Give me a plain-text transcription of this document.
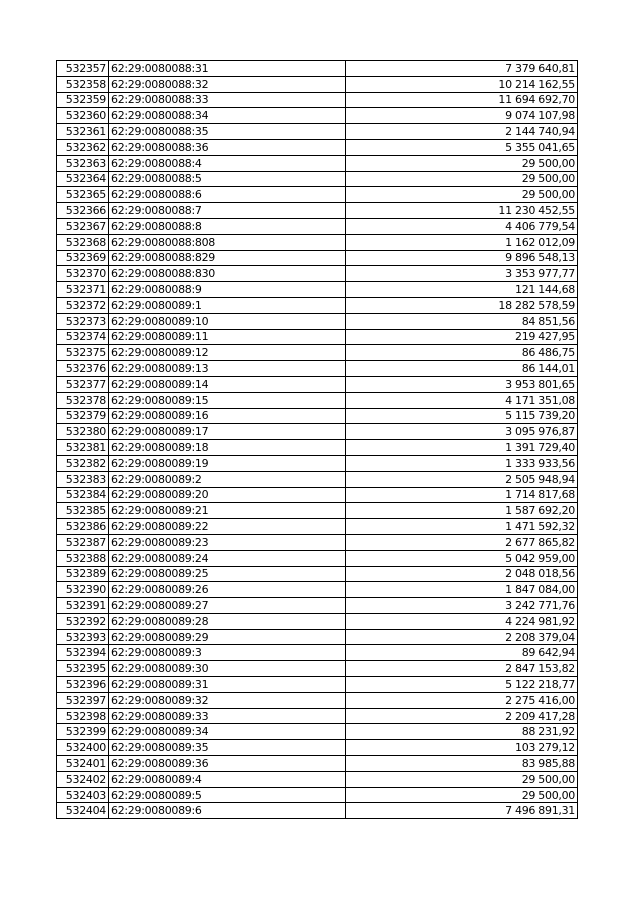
532357	62:29:0080088:31	7 379 640,81
532358	62:29:0080088:32	10 214 162,55
532359	62:29:0080088:33	11 694 692,70
532360	62:29:0080088:34	9 074 107,98
532361	62:29:0080088:35	2 144 740,94
532362	62:29:0080088:36	5 355 041,65
532363	62:29:0080088:4	29 500,00
532364	62:29:0080088:5	29 500,00
532365	62:29:0080088:6	29 500,00
532366	62:29:0080088:7	11 230 452,55
532367	62:29:0080088:8	4 406 779,54
532368	62:29:0080088:808	1 162 012,09
532369	62:29:0080088:829	9 896 548,13
532370	62:29:0080088:830	3 353 977,77
532371	62:29:0080088:9	121 144,68
532372	62:29:0080089:1	18 282 578,59
532373	62:29:0080089:10	84 851,56
532374	62:29:0080089:11	219 427,95
532375	62:29:0080089:12	86 486,75
532376	62:29:0080089:13	86 144,01
532377	62:29:0080089:14	3 953 801,65
532378	62:29:0080089:15	4 171 351,08
532379	62:29:0080089:16	5 115 739,20
532380	62:29:0080089:17	3 095 976,87
532381	62:29:0080089:18	1 391 729,40
532382	62:29:0080089:19	1 333 933,56
532383	62:29:0080089:2	2 505 948,94
532384	62:29:0080089:20	1 714 817,68
532385	62:29:0080089:21	1 587 692,20
532386	62:29:0080089:22	1 471 592,32
532387	62:29:0080089:23	2 677 865,82
532388	62:29:0080089:24	5 042 959,00
532389	62:29:0080089:25	2 048 018,56
532390	62:29:0080089:26	1 847 084,00
532391	62:29:0080089:27	3 242 771,76
532392	62:29:0080089:28	4 224 981,92
532393	62:29:0080089:29	2 208 379,04
532394	62:29:0080089:3	89 642,94
532395	62:29:0080089:30	2 847 153,82
532396	62:29:0080089:31	5 122 218,77
532397	62:29:0080089:32	2 275 416,00
532398	62:29:0080089:33	2 209 417,28
532399	62:29:0080089:34	88 231,92
532400	62:29:0080089:35	103 279,12
532401	62:29:0080089:36	83 985,88
532402	62:29:0080089:4	29 500,00
532403	62:29:0080089:5	29 500,00
532404	62:29:0080089:6	7 496 891,31
